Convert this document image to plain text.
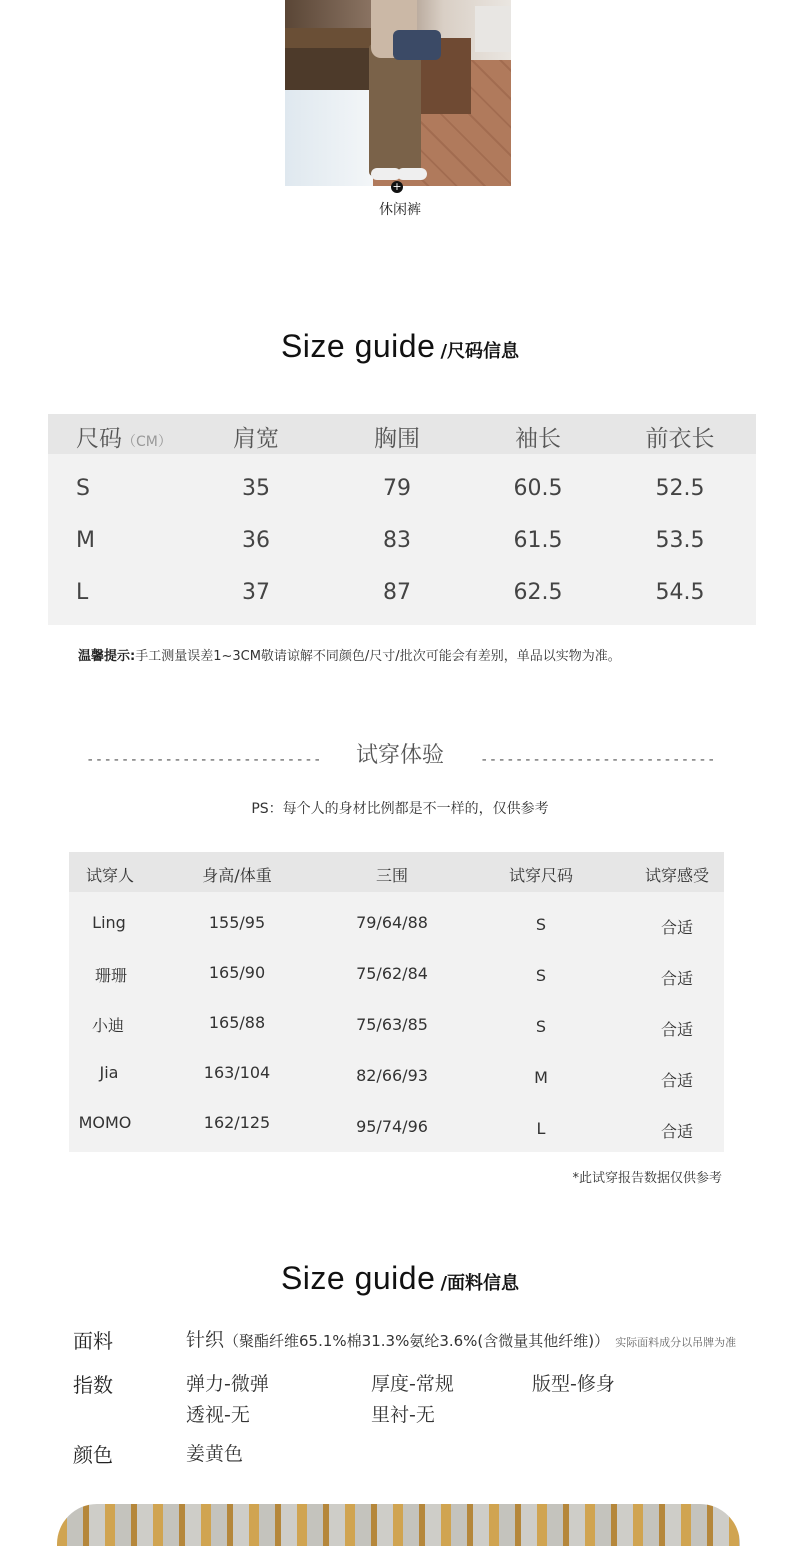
+
休闲裤
Size guide /尺码信息
尺码（CM）	肩宽	胸围	袖长	前衣长
S	35	79	60.5	52.5
M	36	83	61.5	53.5
L	37	87	62.5	54.5
温馨提示:手工测量误差1~3CM敬请谅解不同颜色/尺寸/批次可能会有差别，单品以实物为准。
---------------------------	试穿体验	---------------------------
PS：每个人的身材比例都是不一样的，仅供参考
试穿人	身高/体重	三围	试穿尺码	试穿感受
Ling	155/95	79/64/88	S	合适
珊珊	165/90	75/62/84	S	合适
小迪	165/88	75/63/85	S	合适
Jia	163/104	82/66/93	M	合适
MOMO	162/125	95/74/96	L	合适
*此试穿报告数据仅供参考
Size guide /面料信息
面料	针织（聚酯纤维65.1%棉31.3%氨纶3.6%(含微量其他纤维)） 实际面料成分以吊牌为准
指数	弹力-微弹	厚度-常规	版型-修身
透视-无	里衬-无
颜色	姜黄色
